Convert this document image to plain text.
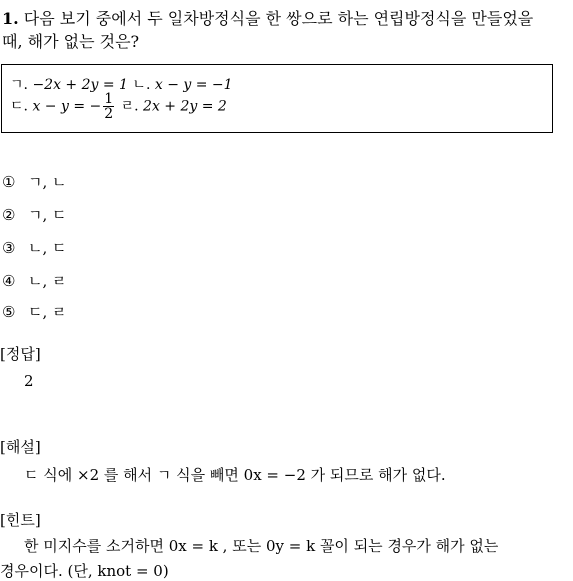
1. 다음 보기 중에서 두 일차방정식을 한 쌍으로 하는 연립방정식을 만들었을
때, 해가 없는 것은?
ㄱ. −2x + 2y = 1 ㄴ. x − y = −1
ㄷ. x − y = − $\frac{1}{2}$ ㄹ. 2x + 2y = 2
① ㄱ, ㄴ
② ㄱ, ㄷ
③ ㄴ, ㄷ
④ ㄴ, ㄹ
⑤ ㄷ, ㄹ
[정답]
2
[해설]
ㄷ 식에 ×2 를 해서 ㄱ 식을 빼면 0x = −2 가 되므로 해가 없다.
[힌트]
한 미지수를 소거하면 0x = k , 또는 0y = k 꼴이 되는 경우가 해가 없는
경우이다. (단, knot = 0)
